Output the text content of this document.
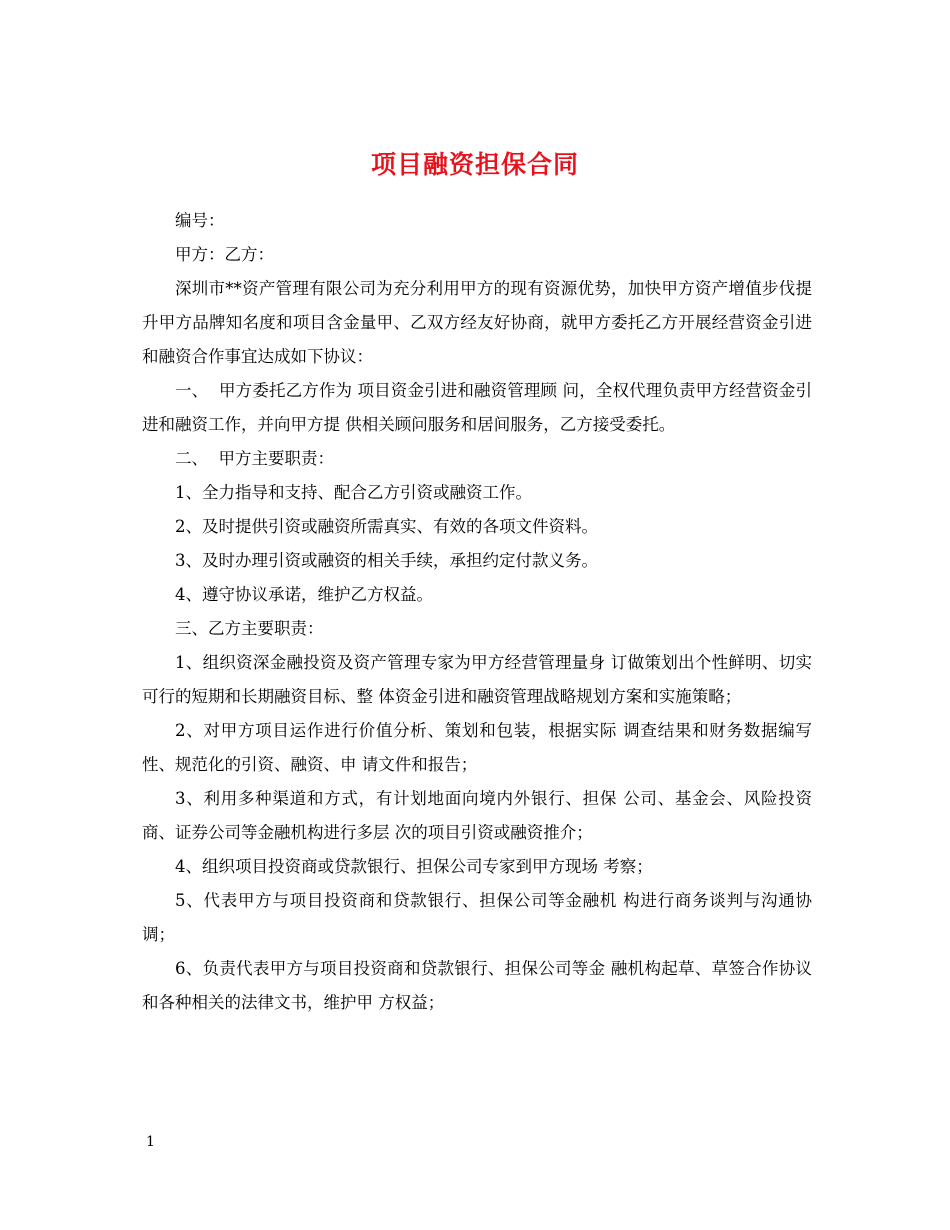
项目融资担保合同

编号：

甲方：乙方：

深圳市**资产管理有限公司为充分利用甲方的现有资源优势，加快甲方资产增值步伐提升甲方品牌知名度和项目含金量甲、乙双方经友好协商，就甲方委托乙方开展经营资金引进和融资合作事宜达成如下协议：

一、  甲方委托乙方作为 项目资金引进和融资管理顾 问，全权代理负责甲方经营资金引进和融资工作，并向甲方提 供相关顾问服务和居间服务，乙方接受委托。

二、  甲方主要职责：

1、全力指导和支持、配合乙方引资或融资工作。

2、及时提供引资或融资所需真实、有效的各项文件资料。

3、及时办理引资或融资的相关手续，承担约定付款义务。

4、遵守协议承诺，维护乙方权益。

三、乙方主要职责：

1、组织资深金融投资及资产管理专家为甲方经营管理量身 订做策划出个性鲜明、切实可行的短期和长期融资目标、整 体资金引进和融资管理战略规划方案和实施策略；

2、对甲方项目运作进行价值分析、策划和包装，根据实际 调查结果和财务数据编写性、规范化的引资、融资、申 请文件和报告；

3、利用多种渠道和方式，有计划地面向境内外银行、担保 公司、基金会、风险投资商、证券公司等金融机构进行多层 次的项目引资或融资推介；

4、组织项目投资商或贷款银行、担保公司专家到甲方现场 考察；

5、代表甲方与项目投资商和贷款银行、担保公司等金融机 构进行商务谈判与沟通协调；

6、负责代表甲方与项目投资商和贷款银行、担保公司等金 融机构起草、草签合作协议和各种相关的法律文书，维护甲 方权益；

1
